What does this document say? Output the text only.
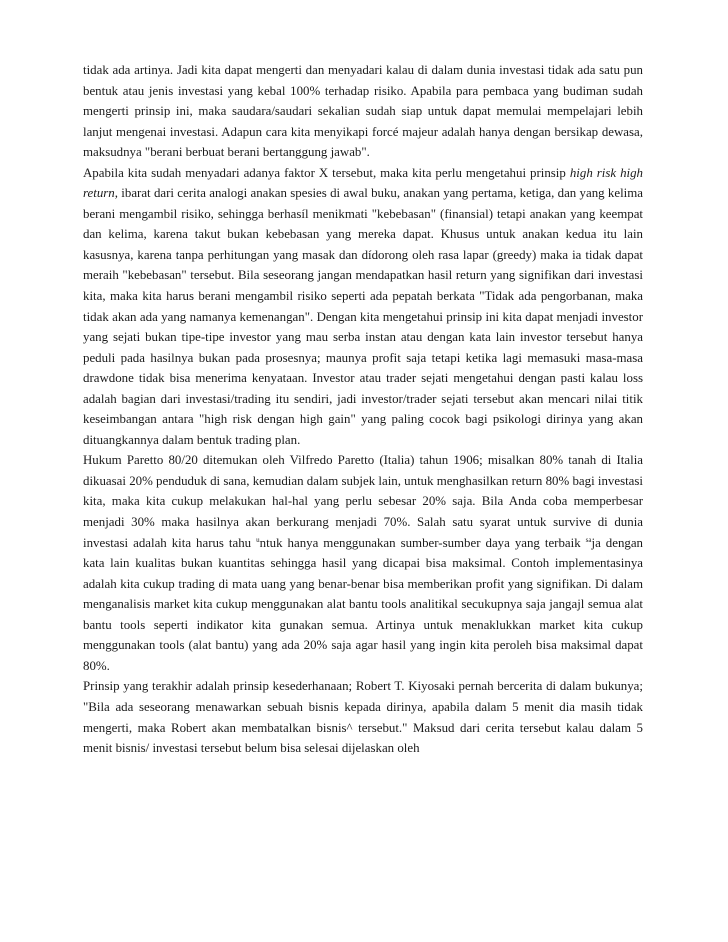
tidak ada artinya. Jadi kita dapat mengerti dan menyadari kalau di dalam dunia investasi tidak ada satu pun bentuk atau jenis investasi yang kebal 100% terhadap risiko. Apabila para pembaca yang budiman sudah mengerti prinsip ini, maka saudara/saudari sekalian sudah siap untuk dapat memulai mempelajari lebih lanjut mengenai investasi. Adapun cara kita menyikapi forcé majeur adalah hanya dengan bersikap dewasa, maksudnya "berani berbuat berani bertanggung jawab".

Apabila kita sudah menyadari adanya faktor X tersebut, maka kita perlu mengetahui prinsip high risk high return, ibarat dari cerita analogi anakan spesies di awal buku, anakan yang pertama, ketiga, dan yang kelima berani mengambil risiko, sehingga berhasíl menikmati "kebebasan" (finansial) tetapi anakan yang keempat dan kelima, karena takut bukan kebebasan yang mereka dapat. Khusus untuk anakan kedua itu lain kasusnya, karena tanpa perhitungan yang masak dan dídorong oleh rasa lapar (greedy) maka ia tidak dapat meraih "kebebasan" tersebut. Bila seseorang jangan mendapatkan hasil return yang signifikan dari investasi kita, maka kita harus berani mengambil risiko seperti ada pepatah berkata "Tidak ada pengorbanan, maka tidak akan ada yang namanya kemenangan". Dengan kita mengetahui prinsip ini kita dapat menjadi investor yang sejati bukan tipe-tipe investor yang mau serba instan atau dengan kata lain investor tersebut hanya peduli pada hasilnya bukan pada prosesnya; maunya profit saja tetapi ketika lagi memasuki masa-masa drawdone tidak bisa menerima kenyataan. Investor atau trader sejati mengetahui dengan pasti kalau loss adalah bagian dari investasi/trading itu sendiri, jadi investor/trader sejati tersebut akan mencari nilai titik keseimbangan antara "high risk dengan high gain" yang paling cocok bagi psikologi dirinya yang akan dituangkannya dalam bentuk trading plan.

Hukum Paretto 80/20 ditemukan oleh Vilfredo Paretto (Italia) tahun 1906; misalkan 80% tanah di Italia dikuasai 20% penduduk di sana, kemudian dalam subjek lain, untuk menghasilkan return 80% bagi investasi kita, maka kita cukup melakukan hal-hal yang perlu sebesar 20% saja. Bila Anda coba memperbesar menjadi 30% maka hasilnya akan berkurang menjadi 70%. Salah satu syarat untuk survive di dunia investasi adalah kita harus tahu $^u$ntuk hanya menggunakan sumber-sumber daya yang terbaik $^{sa}$ja dengan kata lain kualitas bukan kuantitas sehingga hasil yang dicapai bisa maksimal. Contoh implementasinya adalah kita cukup trading di mata uang yang benar-benar bisa memberikan profit yang signifikan. Di dalam menganalisis market kita cukup menggunakan alat bantu tools analitikal secukupnya saja jangajl semua alat bantu tools seperti indikator kita gunakan semua. Artinya untuk menaklukkan market kita cukup menggunakan tools (alat bantu) yang ada 20% saja agar hasil yang ingin kita peroleh bisa maksimal dapat 80%.

Prinsip yang terakhir adalah prinsip kesederhanaan; Robert T. Kiyosaki pernah bercerita di dalam bukunya; "Bila ada seseorang menawarkan sebuah bisnis kepada dirinya, apabila dalam 5 menit dia masih tidak mengerti, maka Robert akan membatalkan bisnis^ tersebut." Maksud dari cerita tersebut kalau dalam 5 menit bisnis/ investasi tersebut belum bisa selesai dijelaskan oleh
